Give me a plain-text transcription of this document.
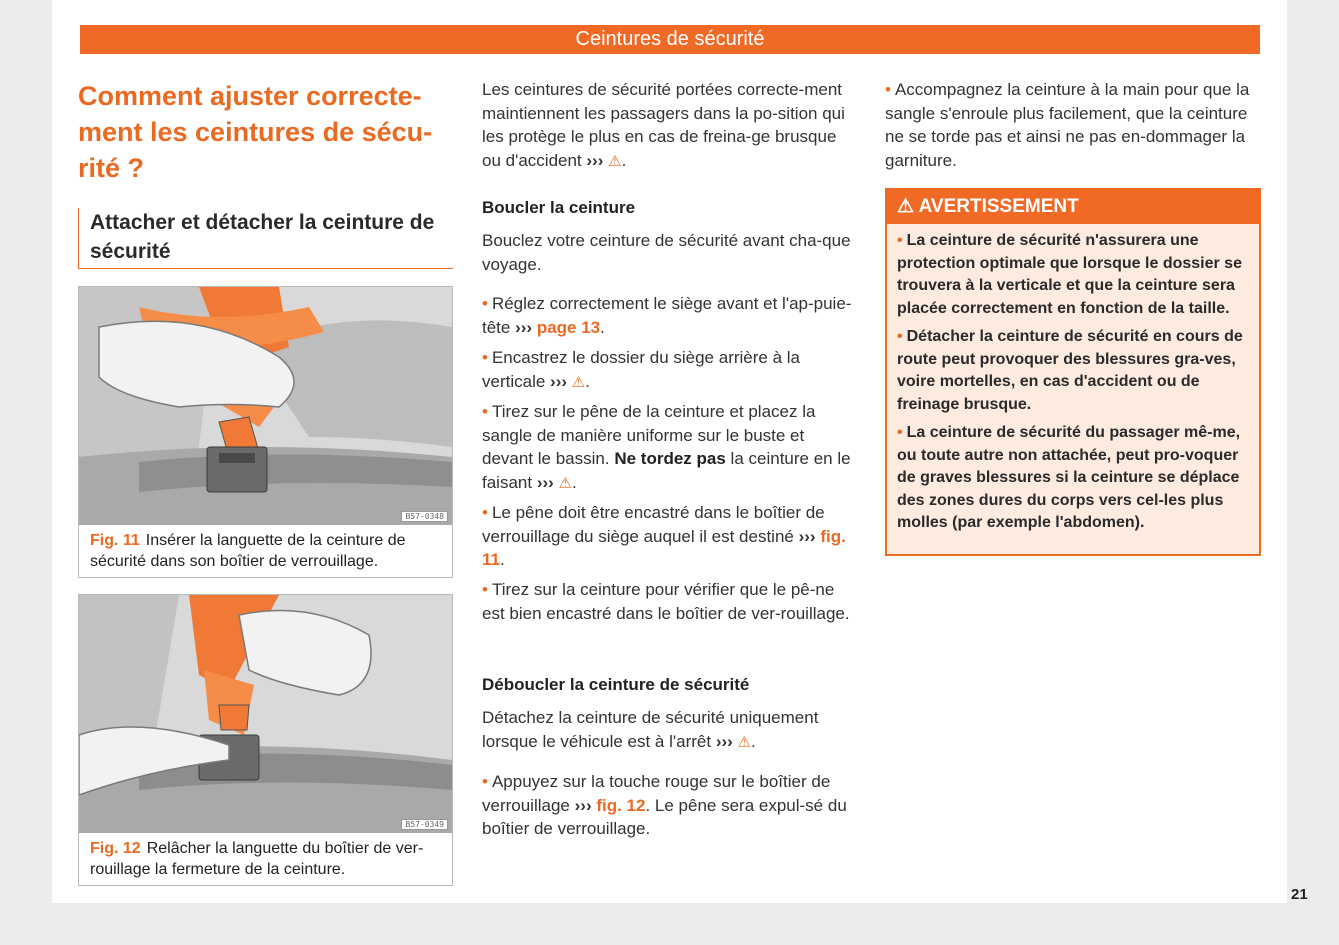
Ceintures de sécurité
Comment ajuster correcte-ment les ceintures de sécu-rité ?
Attacher et détacher la ceinture de sécurité
B57-0348
Fig. 11 Insérer la languette de la ceinture de sécurité dans son boîtier de verrouillage.
B57-0349
Fig. 12 Relâcher la languette du boîtier de ver-rouillage la fermeture de la ceinture.

Les ceintures de sécurité portées correcte-ment maintiennent les passagers dans la po-sition qui les protège le plus en cas de freina-ge brusque ou d'accident ››› ⚠.

Boucler la ceinture

Bouclez votre ceinture de sécurité avant cha-que voyage.

• Réglez correctement le siège avant et l'ap-puie-tête ››› page 13.

• Encastrez le dossier du siège arrière à la verticale ››› ⚠.

• Tirez sur le pêne de la ceinture et placez la sangle de manière uniforme sur le buste et devant le bassin. Ne tordez pas la ceinture en le faisant ››› ⚠.

• Le pêne doit être encastré dans le boîtier de verrouillage du siège auquel il est destiné ››› fig. 11.

• Tirez sur la ceinture pour vérifier que le pê-ne est bien encastré dans le boîtier de ver-rouillage.

Déboucler la ceinture de sécurité

Détachez la ceinture de sécurité uniquement lorsque le véhicule est à l'arrêt ››› ⚠.

• Appuyez sur la touche rouge sur le boîtier de verrouillage ››› fig. 12. Le pêne sera expul-sé du boîtier de verrouillage.

• Accompagnez la ceinture à la main pour que la sangle s'enroule plus facilement, que la ceinture ne se torde pas et ainsi ne pas en-dommager la garniture.

⚠ AVERTISSEMENT

• La ceinture de sécurité n'assurera une protection optimale que lorsque le dossier se trouvera à la verticale et que la ceinture sera placée correctement en fonction de la taille.

• Détacher la ceinture de sécurité en cours de route peut provoquer des blessures gra-ves, voire mortelles, en cas d'accident ou de freinage brusque.

• La ceinture de sécurité du passager mê-me, ou toute autre non attachée, peut pro-voquer de graves blessures si la ceinture se déplace des zones dures du corps vers cel-les plus molles (par exemple l'abdomen).

21
